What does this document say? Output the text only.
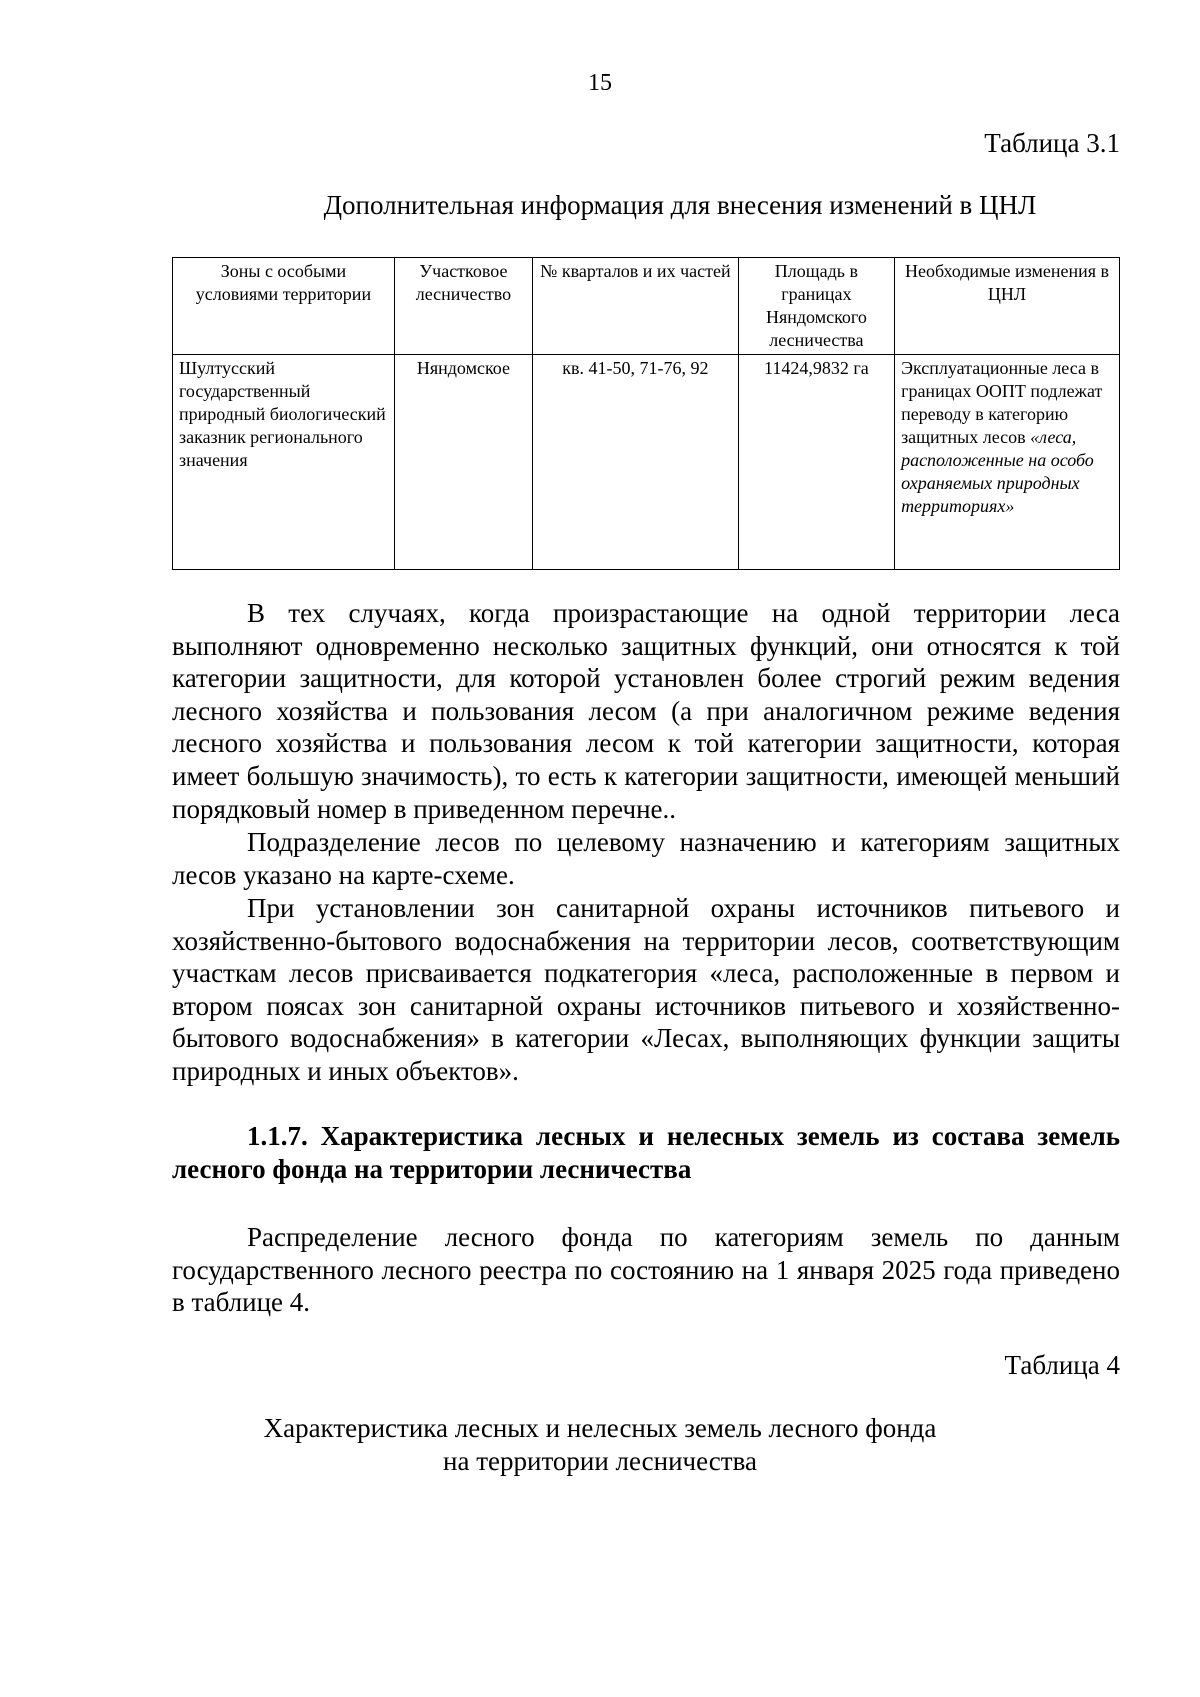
15
Таблица 3.1
Дополнительная информация для внесения изменений в ЦНЛ
Зоны с особыми условиями территории	Участковое лесничество	№ кварталов и их частей	Площадь в границах Няндомского лесничества	Необходимые изменения в ЦНЛ
Шултусский государственный природный биологический заказник регионального значения	Няндомское	кв. 41-50, 71-76, 92	11424,9832 га	Эксплуатационные леса в границах ООПТ подлежат переводу в категорию защитных лесов «леса, расположенные на особо охраняемых природных территориях»

В тех случаях, когда произрастающие на одной территории леса выполняют одновременно несколько защитных функций, они относятся к той категории защитности, для которой установлен более строгий режим ведения лесного хозяйства и пользования лесом (а при аналогичном режиме ведения лесного хозяйства и пользования лесом к той категории защитности, которая имеет большую значимость), то есть к категории защитности, имеющей меньший порядковый номер в приведенном перечне..

Подразделение лесов по целевому назначению и категориям защитных лесов указано на карте-схеме.

При установлении зон санитарной охраны источников питьевого и хозяйственно-бытового водоснабжения на территории лесов, соответствующим участкам лесов присваивается подкатегория «леса, расположенные в первом и втором поясах зон санитарной охраны источников питьевого и хозяйственно-бытового водоснабжения» в категории «Лесах, выполняющих функции защиты природных и иных объектов».

1.1.7. Характеристика лесных и нелесных земель из состава земель лесного фонда на территории лесничества

Распределение лесного фонда по категориям земель по данным государственного лесного реестра по состоянию на 1 января 2025 года приведено в таблице 4.

Таблица 4
Характеристика лесных и нелесных земель лесного фонда
на территории лесничества
